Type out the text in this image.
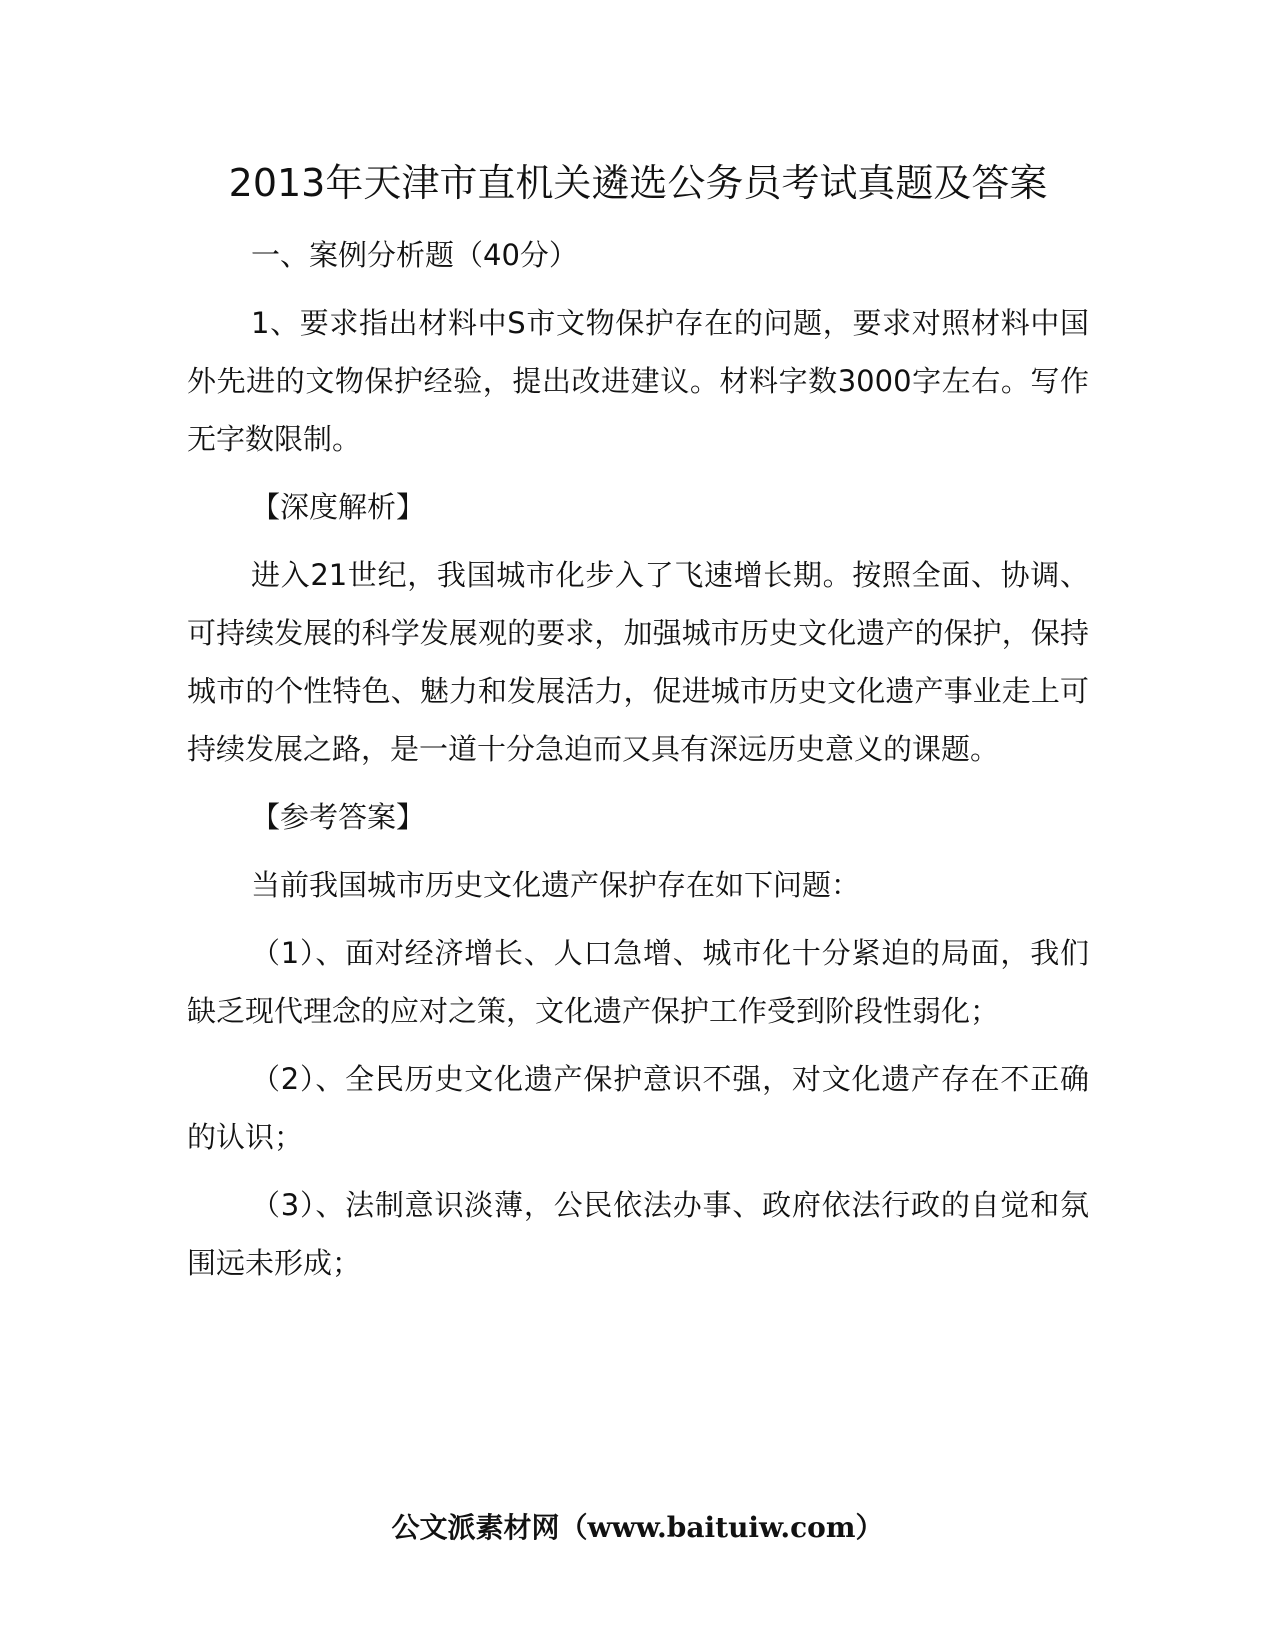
2013年天津市直机关遴选公务员考试真题及答案

一、案例分析题（40分）

1、要求指出材料中S市文物保护存在的问题，要求对照材料中国外先进的文物保护经验，提出改进建议。材料字数3000字左右。写作无字数限制。

【深度解析】

进入21世纪，我国城市化步入了飞速增长期。按照全面、协调、可持续发展的科学发展观的要求，加强城市历史文化遗产的保护，保持城市的个性特色、魅力和发展活力，促进城市历史文化遗产事业走上可持续发展之路，是一道十分急迫而又具有深远历史意义的课题。

【参考答案】

当前我国城市历史文化遗产保护存在如下问题：

（1）、面对经济增长、人口急增、城市化十分紧迫的局面，我们缺乏现代理念的应对之策，文化遗产保护工作受到阶段性弱化；

（2）、全民历史文化遗产保护意识不强，对文化遗产存在不正确的认识；

（3）、法制意识淡薄，公民依法办事、政府依法行政的自觉和氛围远未形成；

公文派素材网（www.baituiw.com）
